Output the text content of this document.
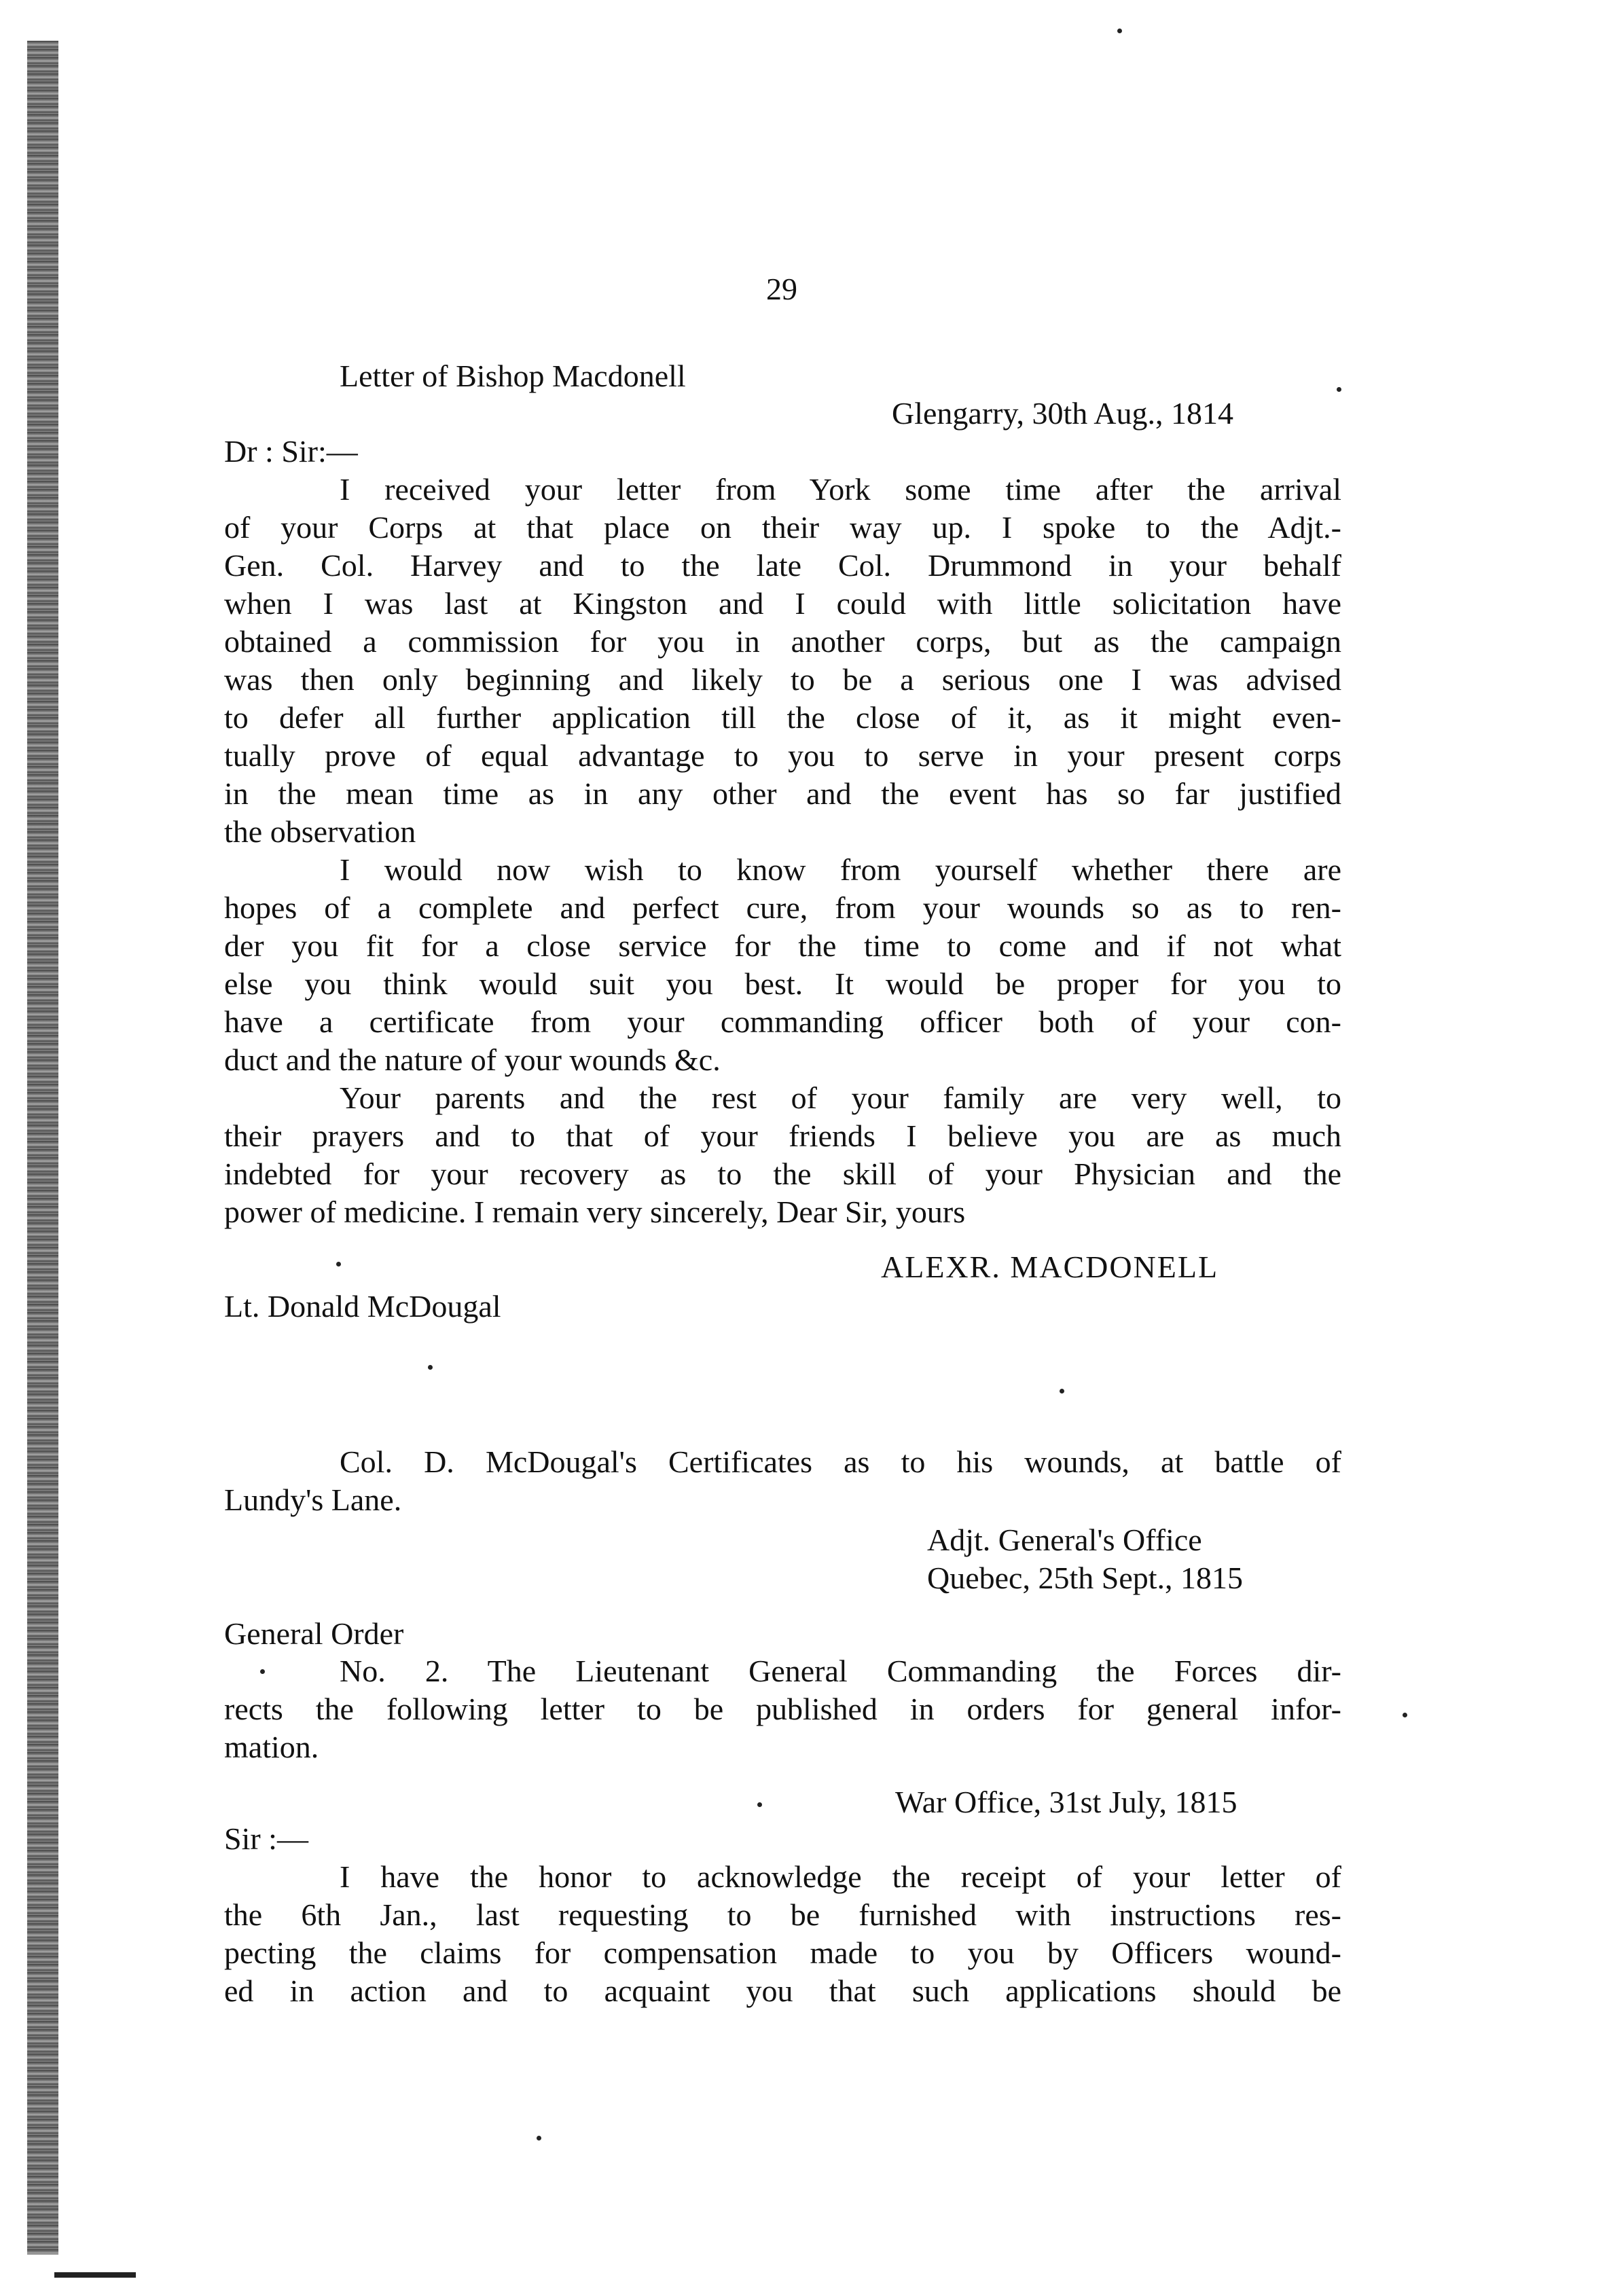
29
Letter of Bishop Macdonell
Glengarry, 30th Aug., 1814
Dr : Sir:—
I received your letter from York some time after the arrival
of your Corps at that place on their way up. I spoke to the Adjt.-
Gen. Col. Harvey and to the late Col. Drummond in your behalf
when I was last at Kingston and I could with little solicitation have
obtained a commission for you in another corps, but as the campaign
was then only beginning and likely to be a serious one I was advised
to defer all further application till the close of it, as it might even-
tually prove of equal advantage to you to serve in your present corps
in the mean time as in any other and the event has so far justified
the observation
I would now wish to know from yourself whether there are
hopes of a complete and perfect cure, from your wounds so as to ren-
der you fit for a close service for the time to come and if not what
else you think would suit you best. It would be proper for you to
have a certificate from your commanding officer both of your con-
duct and the nature of your wounds &c.
Your parents and the rest of your family are very well, to
their prayers and to that of your friends I believe you are as much
indebted for your recovery as to the skill of your Physician and the
power of medicine. I remain very sincerely, Dear Sir, yours
ALEXR. MACDONELL
Lt. Donald McDougal
Col. D. McDougal's Certificates as to his wounds, at battle of
Lundy's Lane.
Adjt. General's Office
Quebec, 25th Sept., 1815
General Order
No. 2. The Lieutenant General Commanding the Forces dir-
rects the following letter to be published in orders for general infor-
mation.
War Office, 31st July, 1815
Sir :—
I have the honor to acknowledge the receipt of your letter of
the 6th Jan., last requesting to be furnished with instructions res-
pecting the claims for compensation made to you by Officers wound-
ed in action and to acquaint you that such applications should be
